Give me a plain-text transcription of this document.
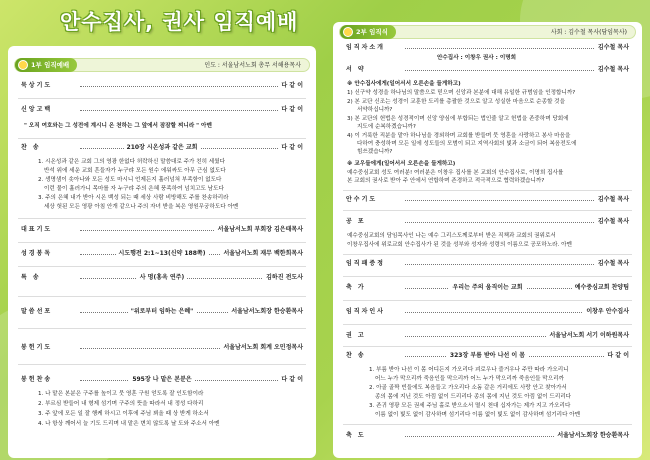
안수집사, 권사 임직예배
1부 임직예배	인도 : 서울남서노회 총무 서해용목사
묵상기도	다 같 이
신앙고백	다 같 이
" 오직 여호와는 그 성전에 계시니 온 천하는 그 앞에서 잠잠할 찌니라 " 아멘
찬 송	210장 시온성과 같은 교회	다 같 이
1. 시온성과 같은 교회 그의 영광 한없다 허락하신 말씀대로 주가 친히 세웠다
반석 위에 세운 교회 흔들자가 누구랴 모든 원수 에워싸도 아무 근심 없도다
2. 생명샘이 솟아나와 모든 성도 마시니 언제든지 흘러넘쳐 부족함이 없도다
이런 물이 흘러가니 목마를 자 누구랴 주의 은혜 풍족하여 넘치고도 남도다
3. 주의 은혜 내가 받아 시온 백성 되는 때 세상 사람 비방해도 주를 찬송하리라
세상 헛된 모든 영광 아침 안개 같으나 주의 자녀 받을 복은 영원무궁하도다 아멘
대표기도	서울남서노회 부회장 김은태목사
성경봉독	시도행전 2:1~13(신약 188쪽)	서울남서노회 재무 백한희목사
특 송	사 명(홍옥 연주)	김하진 전도사
말씀선포	"위로부터 임하는 은혜"	서울남서노회장 한승환목사
봉헌기도	서울남서노회 회계 오민정목사
봉헌찬송	595장 나 맡은 본분은	다 같 이
1. 나 맡은 본분은 구주를 높이고 뭇 영혼 구원 얻도록 잘 인도함이라
2. 부르심 받들어 내 형제 섬기며 구주의 뜻을 따라서 내 정성 다하리
3. 주 앞에 모든 일 잘 행케 하시고 이후에 주님 뵈올 때 상 받게 하소서
4. 나 항상 깨어서 늘 기도 드리며 내 맡은 변치 않도록 날 도와 주소서 아멘
2부 임직식	사회 : 김수철 목사(담임목사)
임직자소개	김수철 목사
안수집사 : 이창우 권사 : 이명희
서 약	김수철 목사
※ 안수집사에게(일어서서 오른손을 들게하고)
1) 신구약 성경을 하나님의 말씀으로 믿으며 신앙과 본분에 대해 유일한 규범임을 인정합니까?
2) 본 교단 신조는 성경이 교훈한 도리를 총괄한 것으로 알고 성실한 마음으로 순종할 것을
서약하십니까?
3) 본 교단의 헌법은 성경적이며 신앙 양심에 부합되는 법인줄 알고 헌법을 존중하며 당회에
지도에 순복하겠습니까?
4) 이 거룩한 직분을 맡아 하나님을 경외하며 교회를 받들며 뭇 영혼을 사랑하고 봉사 마음을
다하여 충성하며 모든 일에 성도들의 모범이 되고 지역사회의 빛과 소금이 되어 복음전도에
힘쓰겠습니까?
※ 교우들에게(일어서서 오른손을 들게하고)
예수중심교회 성도 여러분! 여러분은 이창우 집사를 본 교회의 안수집사로, 이명희 집사를
본 교회의 권사로 받아 주 안에서 연합하며 존경하고 적극적으로 협력하겠습니까?
안수기도	김수철 목사
공 포	김수철 목사
예수중심교회의 담임목사인 나는 예수 그리스도께로부터 받은 직책과 교회의 권위로서
이창우집사에 위로교회 안수집사가 된 것을 성부와 성자와 성령의 이름으로 공포하노라. 아멘
임직패증정	김수철 목사
축 가	우리는 주의 움직이는 교회	예수중심교회 찬양팀
임직자인사	이창우 안수집사
권 고	서울남서노회 서기 이하원목사
찬 송	323장 부름 받아 나선 이 몸	다 같 이
1. 부름 받아 나선 이 몸 어디든지 가오리다 괴로우나 즐거우나 주만 따라 가오리니
어느 누가 막으리까 죽음인들 막으리까 어느 누가 막으리까 죽음인들 막으리까
2. 아골 골짝 빈들에도 복음들고 가오리다 소돔 같은 거리에도 사랑 안고 찾아가서
종의 몸에 지닌 것도 아낌 없이 드리리다 종의 몸에 지닌 것도 아낌 없이 드리리다
3. 존귀 영광 모든 권세 주님 홀로 받으소서 멸시 천대 십자가는 제가 지고 가오리다
이름 없이 빛도 없이 감사하며 섬기리다 이름 없이 빛도 없이 감사하며 섬기리다 아멘
축 도	서울남서노회장 한승환목사
